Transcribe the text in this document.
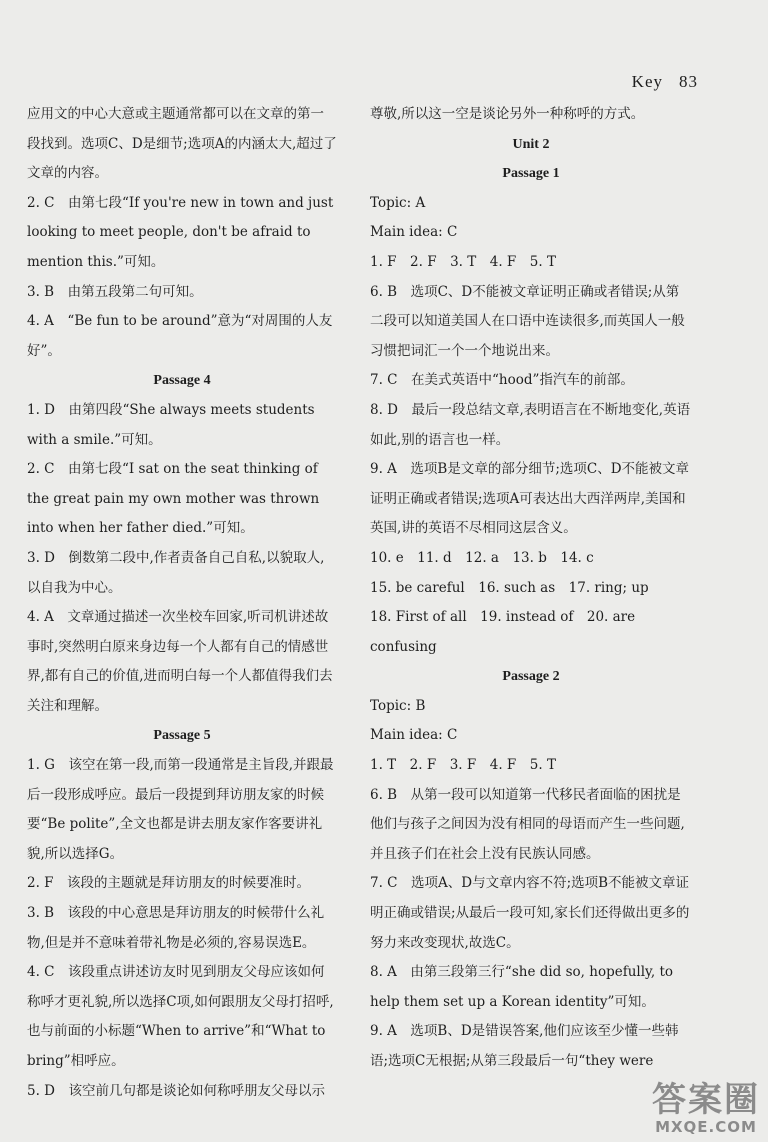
Key 83

应用文的中心大意或主题通常都可以在文章的第一段找到。选项C、D是细节;选项A的内涵太大,超过了文章的内容。

2. C　由第七段“If you're new in town and just looking to meet people, don't be afraid to mention this.”可知。

3. B　由第五段第二句可知。

4. A　“Be fun to be around”意为“对周围的人友好”。

Passage 4

1. D　由第四段“She always meets students with a smile.”可知。

2. C　由第七段“I sat on the seat thinking of the great pain my own mother was thrown into when her father died.”可知。

3. D　倒数第二段中,作者责备自己自私,以貌取人,以自我为中心。

4. A　文章通过描述一次坐校车回家,听司机讲述故事时,突然明白原来身边每一个人都有自己的情感世界,都有自己的价值,进而明白每一个人都值得我们去关注和理解。

Passage 5

1. G　该空在第一段,而第一段通常是主旨段,并跟最后一段形成呼应。最后一段提到拜访朋友家的时候要“Be polite”,全文也都是讲去朋友家作客要讲礼貌,所以选择G。

2. F　该段的主题就是拜访朋友的时候要准时。

3. B　该段的中心意思是拜访朋友的时候带什么礼物,但是并不意味着带礼物是必须的,容易误选E。

4. C　该段重点讲述访友时见到朋友父母应该如何称呼才更礼貌,所以选择C项,如何跟朋友父母打招呼,也与前面的小标题“When to arrive”和“What to bring”相呼应。

5. D　该空前几句都是谈论如何称呼朋友父母以示

尊敬,所以这一空是谈论另外一种称呼的方式。

Unit 2

Passage 1

Topic: A

Main idea: C

1. F　2. F　3. T　4. F　5. T

6. B　选项C、D不能被文章证明正确或者错误;从第二段可以知道美国人在口语中连读很多,而英国人一般习惯把词汇一个一个地说出来。

7. C　在美式英语中“hood”指汽车的前部。

8. D　最后一段总结文章,表明语言在不断地变化,英语如此,别的语言也一样。

9. A　选项B是文章的部分细节;选项C、D不能被文章证明正确或者错误;选项A可表达出大西洋两岸,美国和英国,讲的英语不尽相同这层含义。

10. e　11. d　12. a　13. b　14. c

15. be careful　16. such as　17. ring; up

18. First of all　19. instead of　20. are confusing

Passage 2

Topic: B

Main idea: C

1. T　2. F　3. F　4. F　5. T

6. B　从第一段可以知道第一代移民者面临的困扰是他们与孩子之间因为没有相同的母语而产生一些问题,并且孩子们在社会上没有民族认同感。

7. C　选项A、D与文章内容不符;选项B不能被文章证明正确或错误;从最后一段可知,家长们还得做出更多的努力来改变现状,故选C。

8. A　由第三段第三行“she did so, hopefully, to help them set up a Korean identity”可知。

9. A　选项B、D是错误答案,他们应该至少懂一些韩语;选项C无根据;从第三段最后一句“they were

答案圈
MXQE.COM
